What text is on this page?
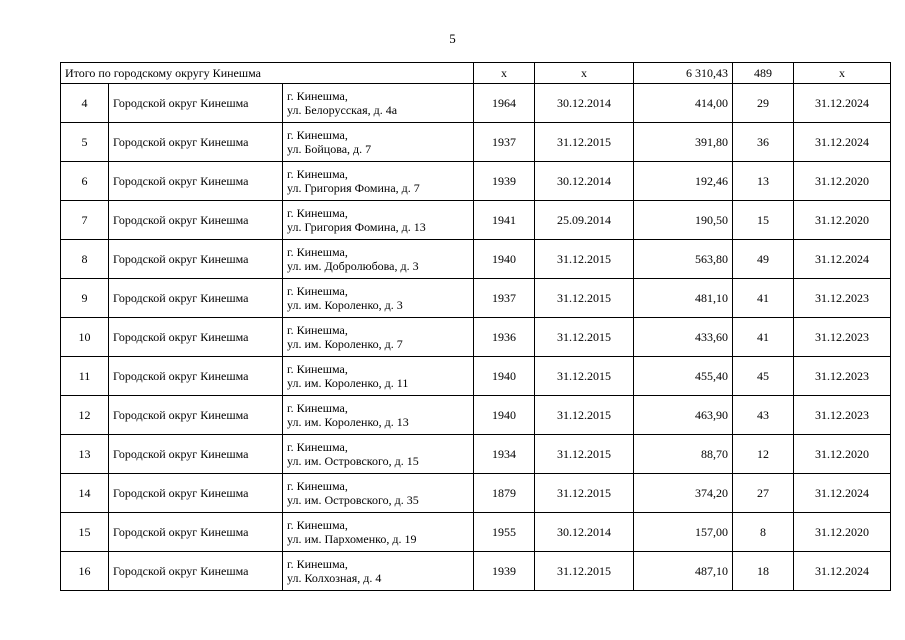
5
Итого по городскому округу Кинешма			х	х	6 310,43	489	х
4	Городской округ Кинешма	г. Кинешма,
ул. Белорусская, д. 4а	1964	30.12.2014	414,00	29	31.12.2024
5	Городской округ Кинешма	г. Кинешма,
ул. Бойцова, д. 7	1937	31.12.2015	391,80	36	31.12.2024
6	Городской округ Кинешма	г. Кинешма,
ул. Григория Фомина, д. 7	1939	30.12.2014	192,46	13	31.12.2020
7	Городской округ Кинешма	г. Кинешма,
ул. Григория Фомина, д. 13	1941	25.09.2014	190,50	15	31.12.2020
8	Городской округ Кинешма	г. Кинешма,
ул. им. Добролюбова, д. 3	1940	31.12.2015	563,80	49	31.12.2024
9	Городской округ Кинешма	г. Кинешма,
ул. им. Короленко, д. 3	1937	31.12.2015	481,10	41	31.12.2023
10	Городской округ Кинешма	г. Кинешма,
ул. им. Короленко, д. 7	1936	31.12.2015	433,60	41	31.12.2023
11	Городской округ Кинешма	г. Кинешма,
ул. им. Короленко, д. 11	1940	31.12.2015	455,40	45	31.12.2023
12	Городской округ Кинешма	г. Кинешма,
ул. им. Короленко, д. 13	1940	31.12.2015	463,90	43	31.12.2023
13	Городской округ Кинешма	г. Кинешма,
ул. им. Островского, д. 15	1934	31.12.2015	88,70	12	31.12.2020
14	Городской округ Кинешма	г. Кинешма,
ул. им. Островского, д. 35	1879	31.12.2015	374,20	27	31.12.2024
15	Городской округ Кинешма	г. Кинешма,
ул. им. Пархоменко, д. 19	1955	30.12.2014	157,00	8	31.12.2020
16	Городской округ Кинешма	г. Кинешма,
ул. Колхозная, д. 4	1939	31.12.2015	487,10	18	31.12.2024
